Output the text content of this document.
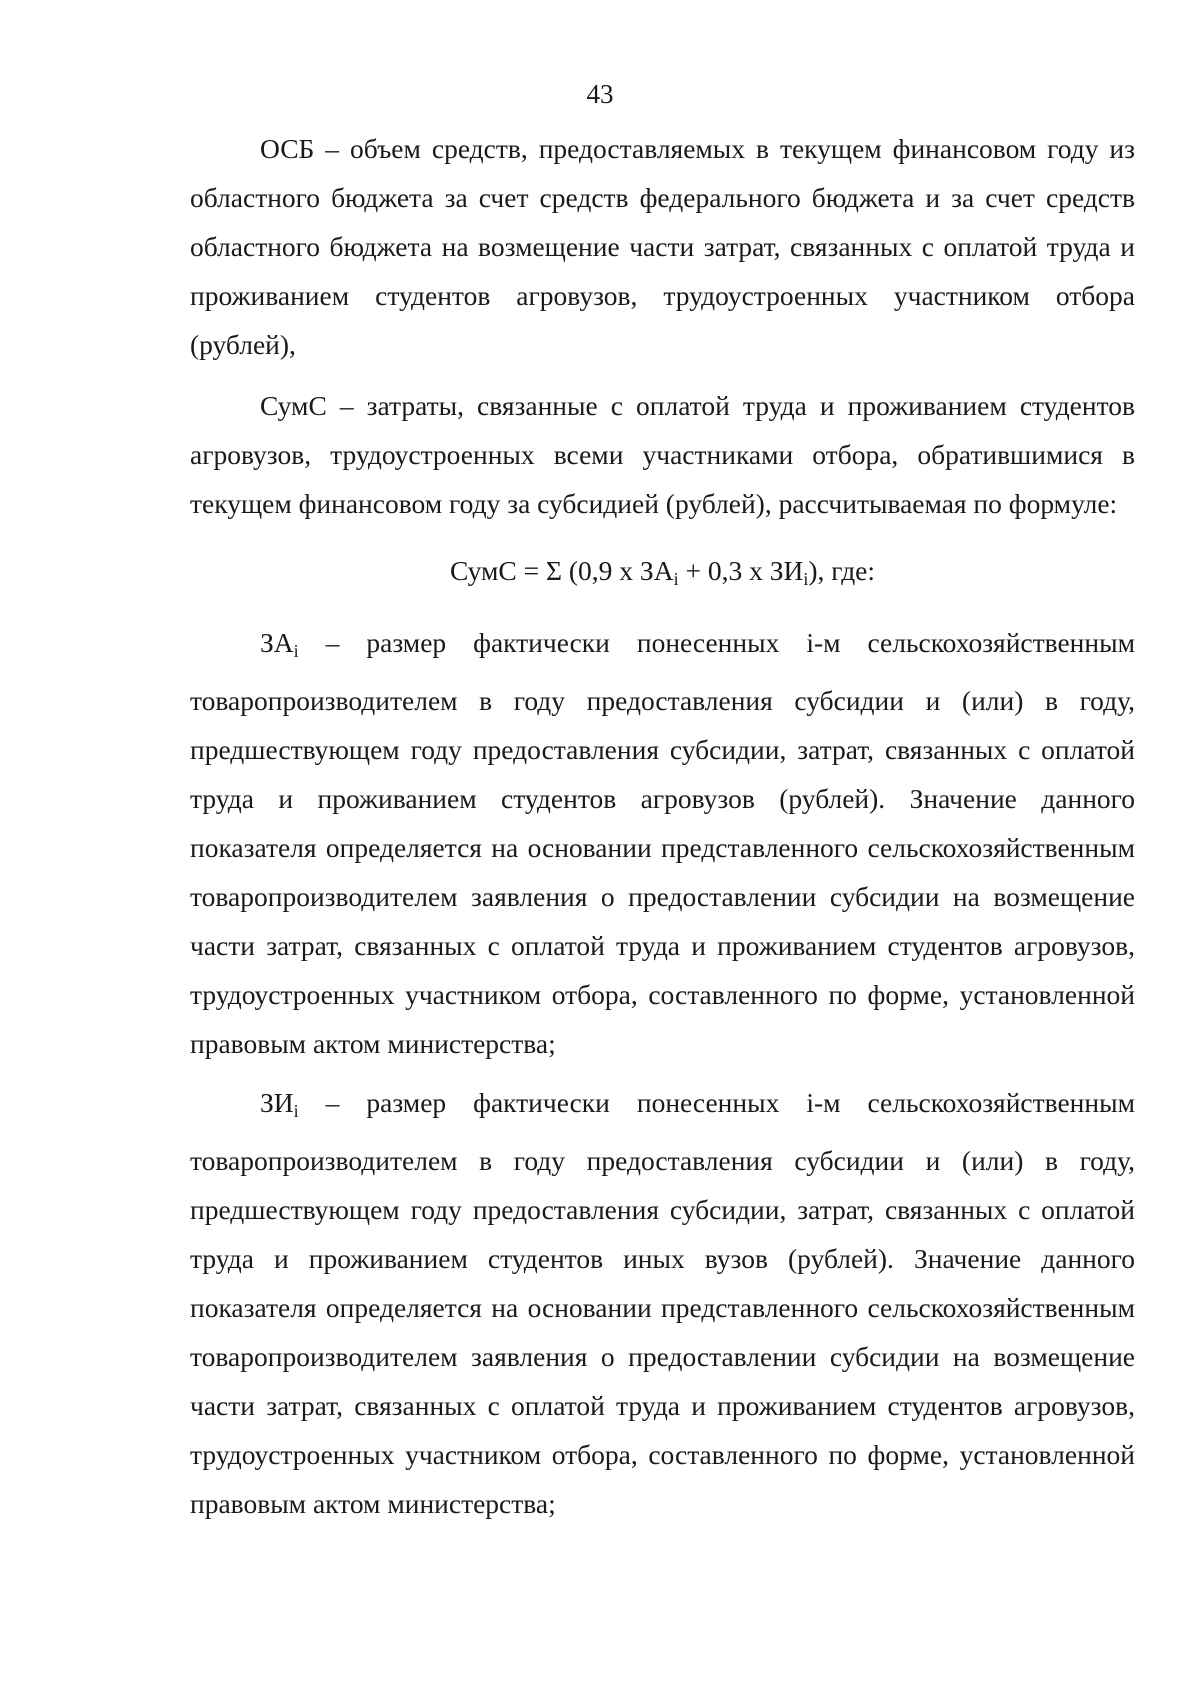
43

ОСБ – объем средств, предоставляемых в текущем финансовом году из областного бюджета за счет средств федерального бюджета и за счет средств областного бюджета на возмещение части затрат, связанных с оплатой труда и проживанием студентов агровузов, трудоустроенных участником отбора (рублей),

СумС – затраты, связанные с оплатой труда и проживанием студентов агровузов, трудоустроенных всеми участниками отбора, обратившимися в текущем финансовом году за субсидией (рублей), рассчитываемая по формуле:

СумС = Σ (0,9 х $ЗА_i + 0,3$ х $ЗИ_i$), где:

$ЗА_i$ – размер фактически понесенных i-м сельскохозяйственным товаропроизводителем в году предоставления субсидии и (или) в году, предшествующем году предоставления субсидии, затрат, связанных с оплатой труда и проживанием студентов агровузов (рублей). Значение данного показателя определяется на основании представленного сельскохозяйственным товаропроизводителем заявления о предоставлении субсидии на возмещение части затрат, связанных с оплатой труда и проживанием студентов агровузов, трудоустроенных участником отбора, составленного по форме, установленной правовым актом министерства;

$ЗИ_i$ – размер фактически понесенных i-м сельскохозяйственным товаропроизводителем в году предоставления субсидии и (или) в году, предшествующем году предоставления субсидии, затрат, связанных с оплатой труда и проживанием студентов иных вузов (рублей). Значение данного показателя определяется на основании представленного сельскохозяйственным товаропроизводителем заявления о предоставлении субсидии на возмещение части затрат, связанных с оплатой труда и проживанием студентов агровузов, трудоустроенных участником отбора, составленного по форме, установленной правовым актом министерства;
